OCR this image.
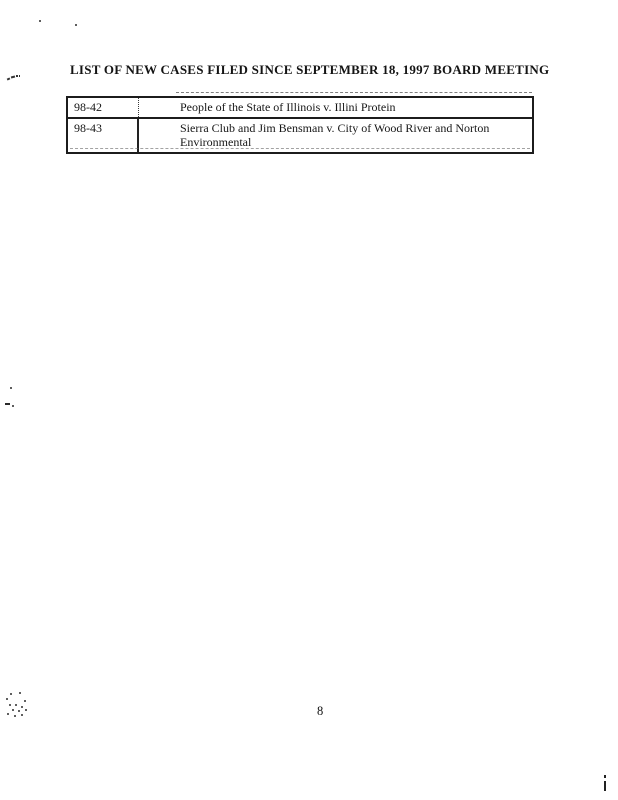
LIST OF NEW CASES FILED SINCE SEPTEMBER 18, 1997 BOARD MEETING
98-42	People of the State of Illinois v. Illini Protein
98-43	Sierra Club and Jim Bensman v. City of Wood River and Norton Environmental
8
